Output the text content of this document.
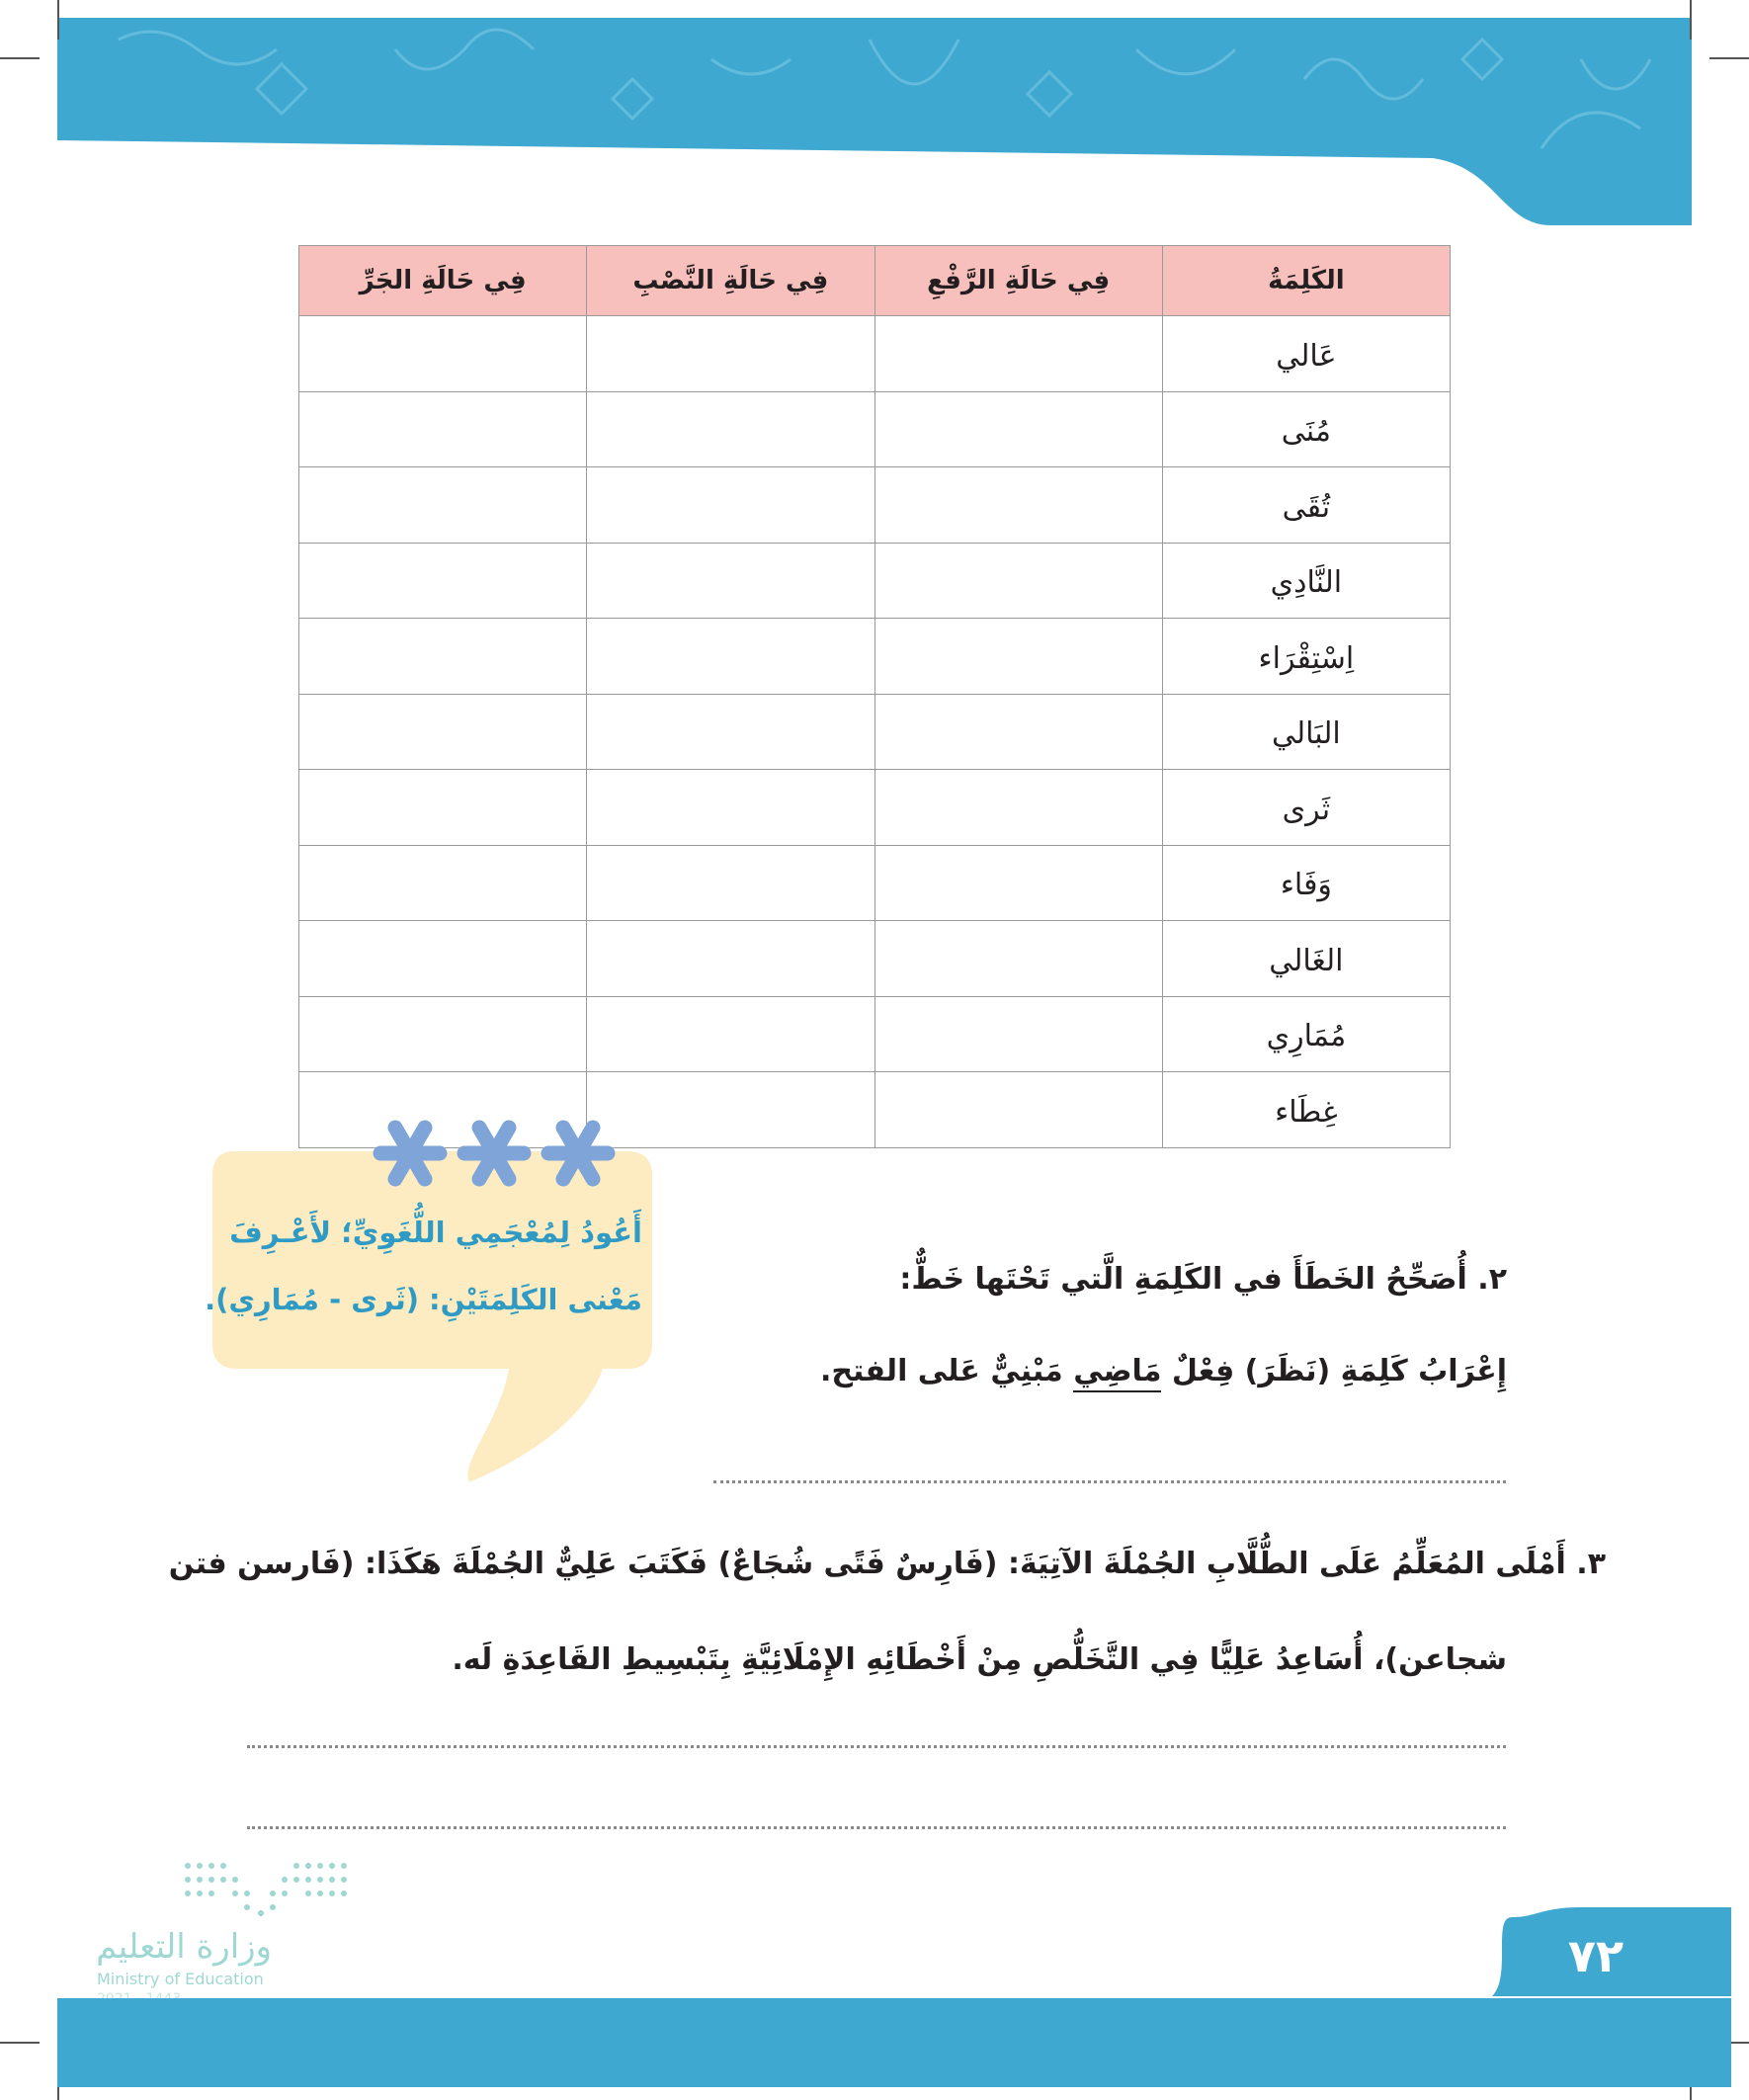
الكَلِمَةُ	فِي حَالَةِ الرَّفْعِ	فِي حَالَةِ النَّصْبِ	فِي حَالَةِ الجَرِّ
عَالي			
مُنَى			
تُقَى			
النَّادِي			
اِسْتِقْرَاء			
البَالي			
ثَرى			
وَفَاء			
الغَالي			
مُمَارِي			
غِطَاء			
أَعُودُ لِمُعْجَمِي اللُّغَوِيِّ؛ لأَعْـرِفَ
مَعْنى الكَلِمَتَيْنِ: (ثَرى - مُمَارِي).
٢. أُصَحِّحُ الخَطَأَ في الكَلِمَةِ الَّتي تَحْتَها خَطٌّ:
إِعْرَابُ كَلِمَةِ (نَظَرَ) فِعْلٌ مَاضِي مَبْنِيٌّ عَلى الفتح.
٣. أَمْلَى المُعَلِّمُ عَلَى الطُّلَّابِ الجُمْلَةَ الآتِيَةَ: (فَارِسٌ فَتًى شُجَاعٌ) فَكَتَبَ عَلِيٌّ الجُمْلَةَ هَكَذَا: (فَارسن فتن
شجاعن)، أُسَاعِدُ عَلِيًّا فِي التَّخَلُّصِ مِنْ أَخْطَائِهِ الإِمْلَائِيَّةِ بِتَبْسِيطِ القَاعِدَةِ لَه.
وزارة التعليم
Ministry of Education	٧٢
